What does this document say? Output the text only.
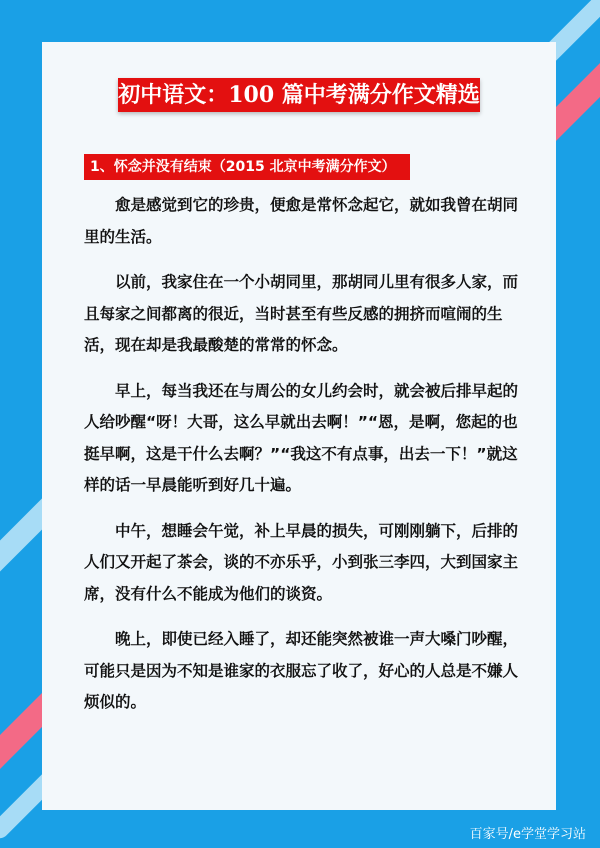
初中语文：100 篇中考满分作文精选
1、怀念并没有结束（2015 北京中考满分作文）

愈是感觉到它的珍贵，便愈是常怀念起它，就如我曾在胡同里的生活。

以前，我家住在一个小胡同里，那胡同儿里有很多人家，而且每家之间都离的很近，当时甚至有些反感的拥挤而喧闹的生活，现在却是我最酸楚的常常的怀念。

早上，每当我还在与周公的女儿约会时，就会被后排早起的人给吵醒“呀！大哥，这么早就出去啊！”“恩，是啊，您起的也挺早啊，这是干什么去啊？”“我这不有点事，出去一下！”就这样的话一早晨能听到好几十遍。

中午，想睡会午觉，补上早晨的损失，可刚刚躺下，后排的人们又开起了茶会，谈的不亦乐乎，小到张三李四，大到国家主席，没有什么不能成为他们的谈资。

晚上，即使已经入睡了，却还能突然被谁一声大嗓门吵醒，可能只是因为不知是谁家的衣服忘了收了，好心的人总是不嫌人烦似的。

百家号/e学堂学习站
